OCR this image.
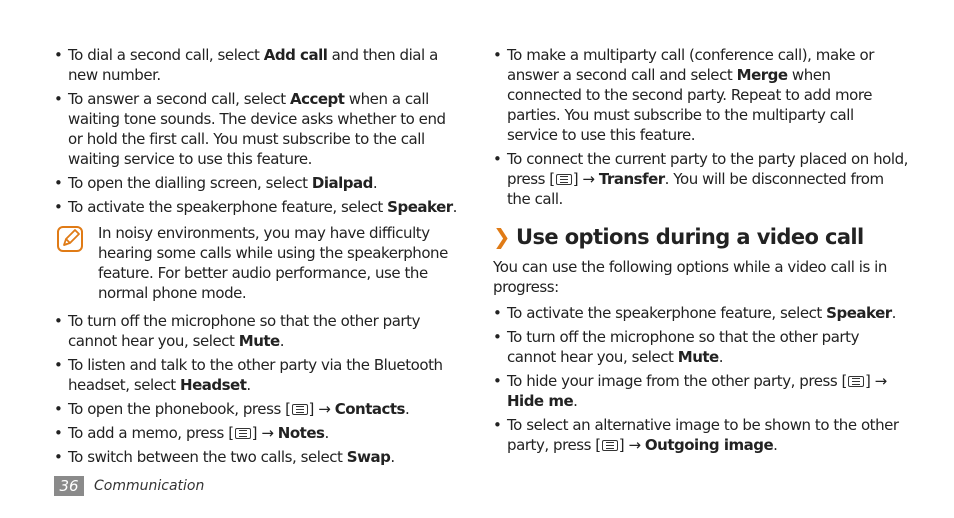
• To dial a second call, select Add call and then dial a new number.
• To answer a second call, select Accept when a call waiting tone sounds. The device asks whether to end or hold the first call. You must subscribe to the call waiting service to use this feature.
• To open the dialling screen, select Dialpad.
• To activate the speakerphone feature, select Speaker.
In noisy environments, you may have difficulty hearing some calls while using the speakerphone feature. For better audio performance, use the normal phone mode.
• To turn off the microphone so that the other party cannot hear you, select Mute.
• To listen and talk to the other party via the Bluetooth headset, select Headset.
• To open the phonebook, press [ ] → Contacts.
• To add a memo, press [ ] → Notes.
• To switch between the two calls, select Swap.
• To make a multiparty call (conference call), make or answer a second call and select Merge when connected to the second party. Repeat to add more parties. You must subscribe to the multiparty call service to use this feature.
• To connect the current party to the party placed on hold, press [ ] → Transfer. You will be disconnected from the call.
❯ Use options during a video call
You can use the following options while a video call is in progress:
• To activate the speakerphone feature, select Speaker.
• To turn off the microphone so that the other party cannot hear you, select Mute.
• To hide your image from the other party, press [ ] → Hide me.
• To select an alternative image to be shown to the other party, press [ ] → Outgoing image.
36 Communication
